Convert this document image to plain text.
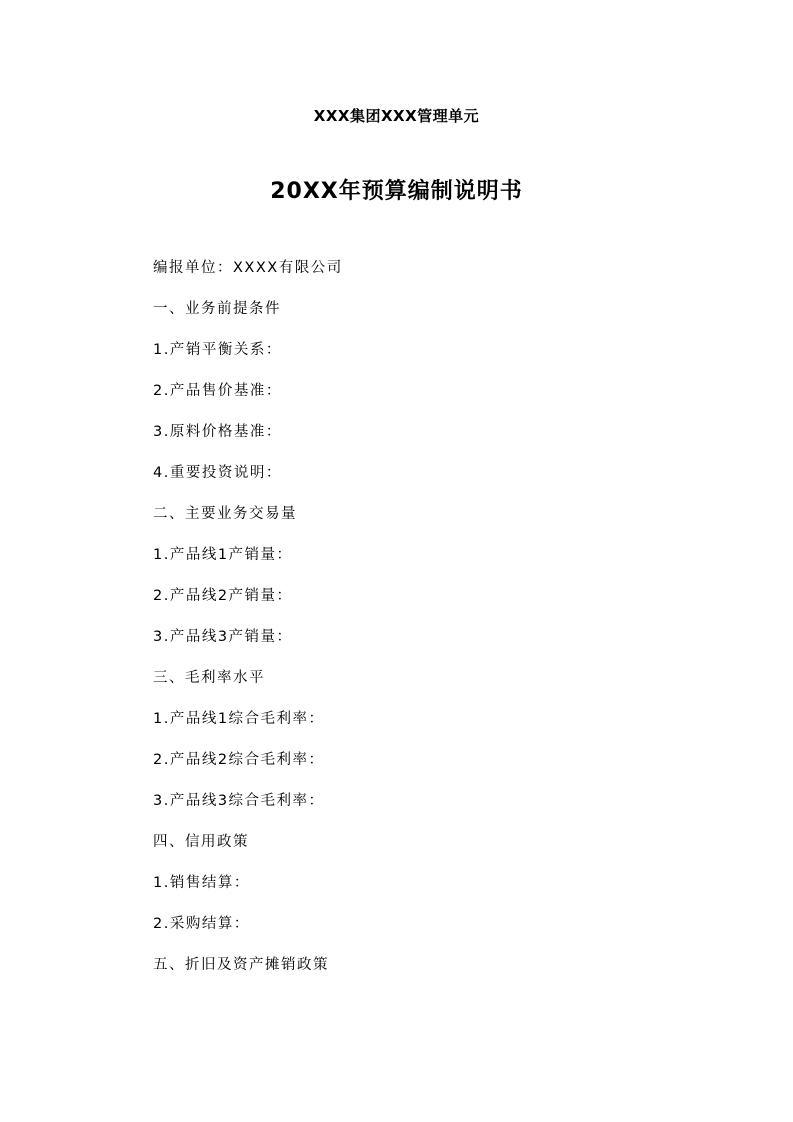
XXX集团XXX管理单元
20XX年预算编制说明书
编报单位：XXXX有限公司
一、业务前提条件
1.产销平衡关系：
2.产品售价基准：
3.原料价格基准：
4.重要投资说明：
二、主要业务交易量
1.产品线1产销量：
2.产品线2产销量：
3.产品线3产销量：
三、毛利率水平
1.产品线1综合毛利率：
2.产品线2综合毛利率：
3.产品线3综合毛利率：
四、信用政策
1.销售结算：
2.采购结算：
五、折旧及资产摊销政策
